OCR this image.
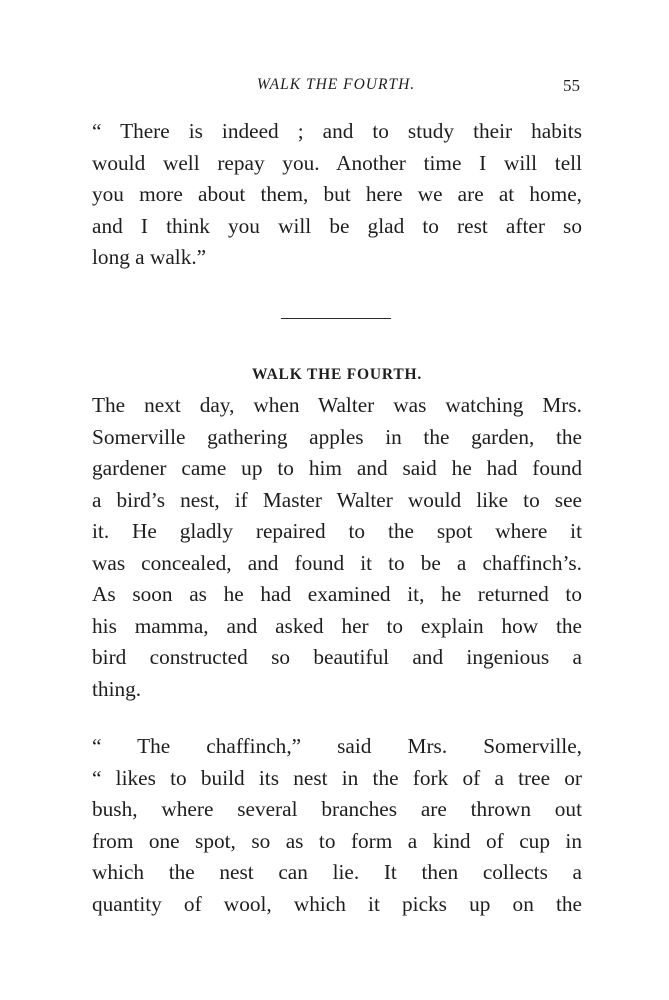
WALK THE FOURTH.	55
“ There is indeed ; and to study their habits
would well repay you. Another time I will tell
you more about them, but here we are at home,
and I think you will be glad to rest after so
long a walk.”
WALK THE FOURTH.
The next day, when Walter was watching Mrs.
Somerville gathering apples in the garden, the
gardener came up to him and said he had found
a bird’s nest, if Master Walter would like to see
it. He gladly repaired to the spot where it
was concealed, and found it to be a chaffinch’s.
As soon as he had examined it, he returned to
his mamma, and asked her to explain how the
bird constructed so beautiful and ingenious a
thing.
“ The chaffinch,” said Mrs. Somerville,
“ likes to build its nest in the fork of a tree or
bush, where several branches are thrown out
from one spot, so as to form a kind of cup in
which the nest can lie. It then collects a
quantity of wool, which it picks up on the
